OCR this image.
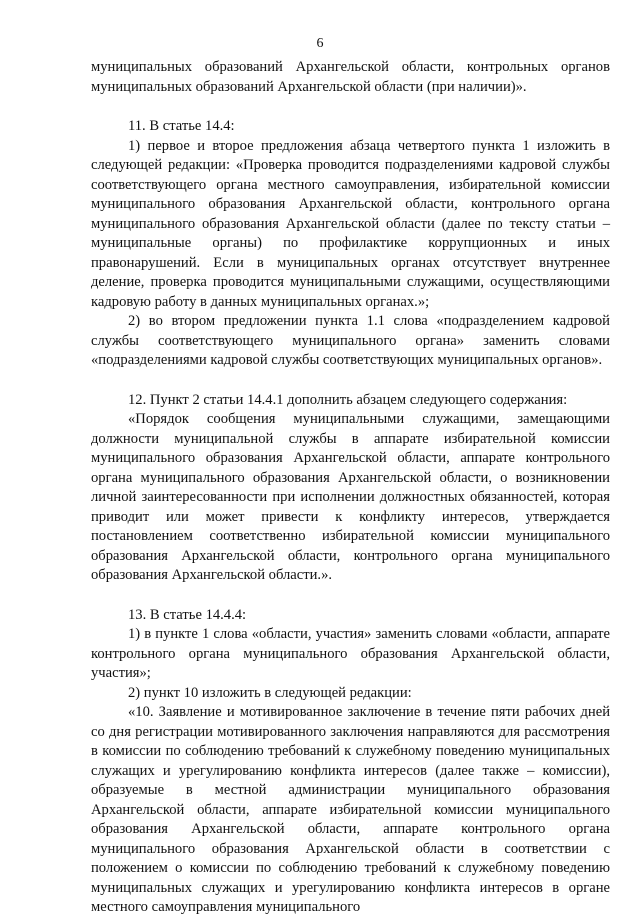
6

муниципальных образований Архангельской области, контрольных органов муниципальных образований Архангельской области (при наличии)».

11. В статье 14.4:

1) первое и второе предложения абзаца четвертого пункта 1 изложить в следующей редакции: «Проверка проводится подразделениями кадровой службы соответствующего органа местного самоуправления, избирательной комиссии муниципального образования Архангельской области, контрольного органа муниципального образования Архангельской области (далее по тексту статьи – муниципальные органы) по профилактике коррупционных и иных правонарушений. Если в муниципальных органах отсутствует внутреннее деление, проверка проводится муниципальными служащими, осуществляющими кадровую работу в данных муниципальных органах.»;

2) во втором предложении пункта 1.1 слова «подразделением кадровой службы соответствующего муниципального органа» заменить словами «подразделениями кадровой службы соответствующих муниципальных органов».

12. Пункт 2 статьи 14.4.1 дополнить абзацем следующего содержания:

«Порядок сообщения муниципальными служащими, замещающими должности муниципальной службы в аппарате избирательной комиссии муниципального образования Архангельской области, аппарате контрольного органа муниципального образования Архангельской области, о возникновении личной заинтересованности при исполнении должностных обязанностей, которая приводит или может привести к конфликту интересов, утверждается постановлением соответственно избирательной комиссии муниципального образования Архангельской области, контрольного органа муниципального образования Архангельской области.».

13. В статье 14.4.4:

1) в пункте 1 слова «области, участия» заменить словами «области, аппарате контрольного органа муниципального образования Архангельской области, участия»;

2) пункт 10 изложить в следующей редакции:

«10. Заявление и мотивированное заключение в течение пяти рабочих дней со дня регистрации мотивированного заключения направляются для рассмотрения в комиссии по соблюдению требований к служебному поведению муниципальных служащих и урегулированию конфликта интересов (далее также – комиссии), образуемые в местной администрации муниципального образования Архангельской области, аппарате избирательной комиссии муниципального образования Архангельской области, аппарате контрольного органа муниципального образования Архангельской области в соответствии с положением о комиссии по соблюдению требований к служебному поведению муниципальных служащих и урегулированию конфликта интересов в органе местного самоуправления муниципального
